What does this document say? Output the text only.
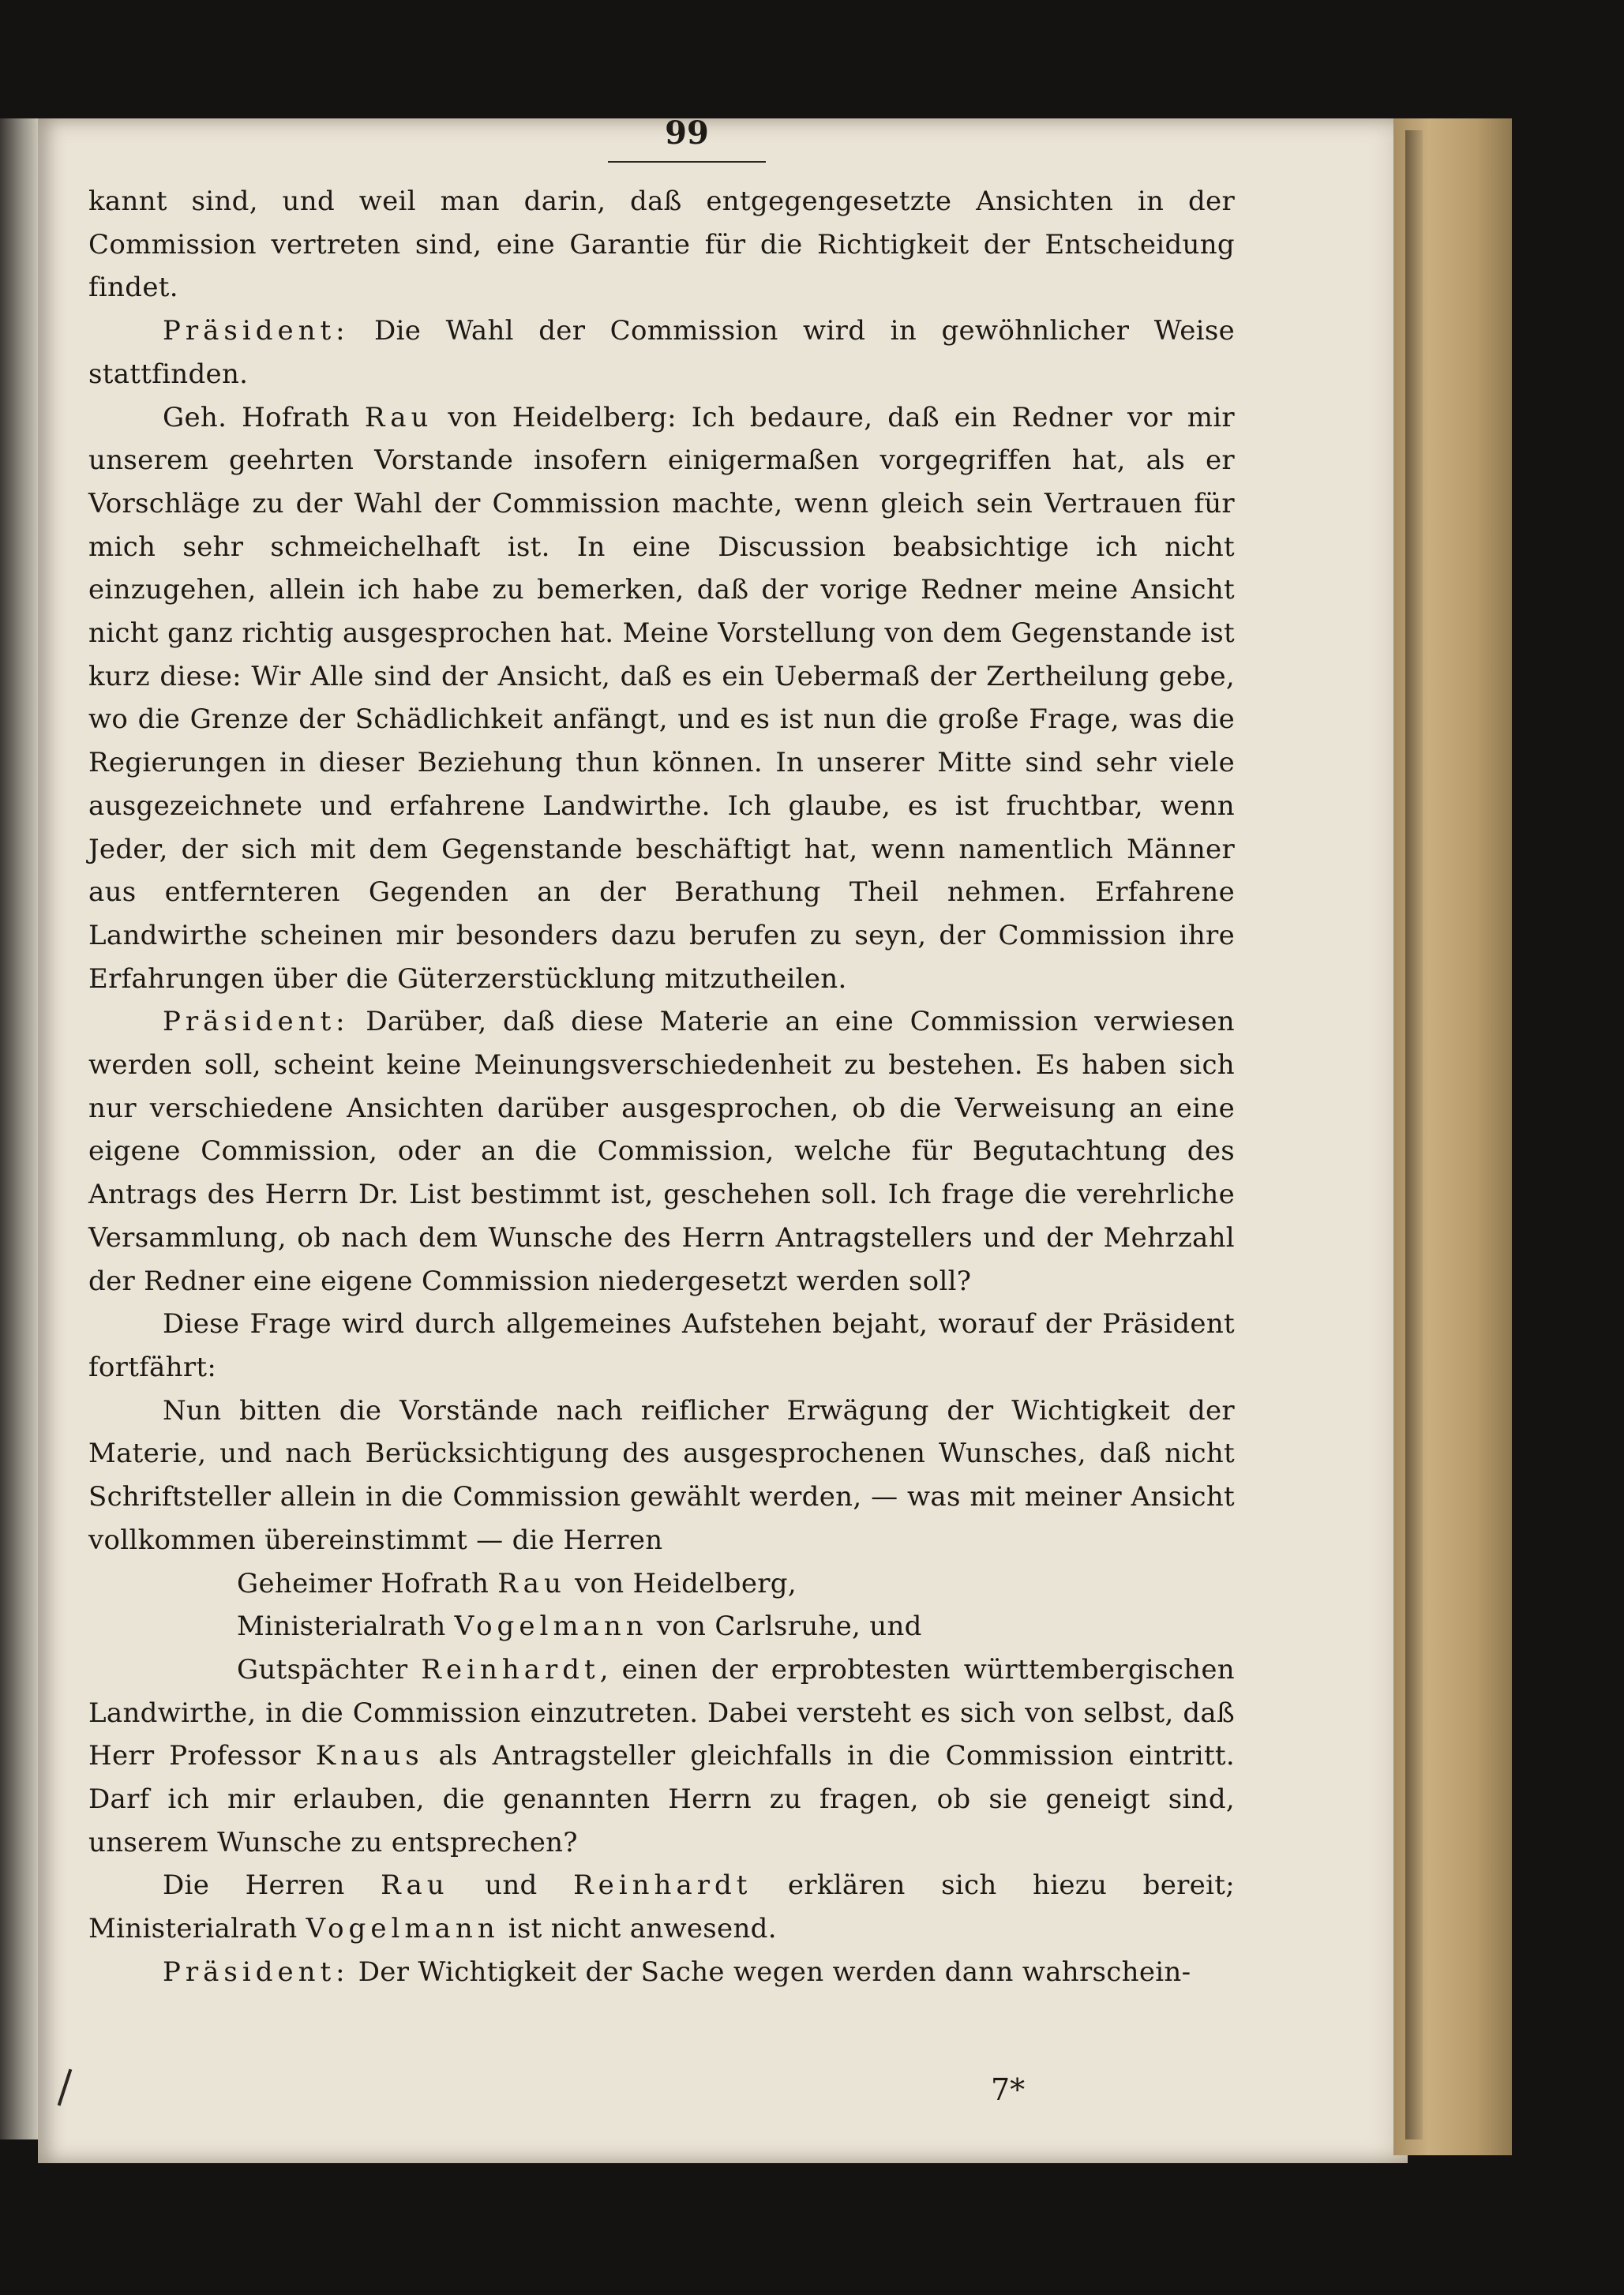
99

kannt sind, und weil man darin, daß entgegengesetzte Ansichten in der Commission vertreten sind, eine Garantie für die Richtigkeit der Entscheidung findet.

Präsident: Die Wahl der Commission wird in gewöhnlicher Weise stattfinden.

Geh. Hofrath Rau von Heidelberg: Ich bedaure, daß ein Redner vor mir unserem geehrten Vorstande insofern einigermaßen vorgegriffen hat, als er Vorschläge zu der Wahl der Commission machte, wenn gleich sein Vertrauen für mich sehr schmeichelhaft ist. In eine Discussion beabsichtige ich nicht einzugehen, allein ich habe zu bemerken, daß der vorige Redner meine Ansicht nicht ganz richtig ausgesprochen hat. Meine Vorstellung von dem Gegenstande ist kurz diese: Wir Alle sind der Ansicht, daß es ein Uebermaß der Zertheilung gebe, wo die Grenze der Schädlichkeit anfängt, und es ist nun die große Frage, was die Regierungen in dieser Beziehung thun können. In unserer Mitte sind sehr viele ausgezeichnete und erfahrene Landwirthe. Ich glaube, es ist fruchtbar, wenn Jeder, der sich mit dem Gegenstande beschäftigt hat, wenn namentlich Männer aus entfernteren Gegenden an der Berathung Theil nehmen. Erfahrene Landwirthe scheinen mir besonders dazu berufen zu seyn, der Commission ihre Erfahrungen über die Güterzerstücklung mitzutheilen.

Präsident: Darüber, daß diese Materie an eine Commission verwiesen werden soll, scheint keine Meinungsverschiedenheit zu bestehen. Es haben sich nur verschiedene Ansichten darüber ausgesprochen, ob die Verweisung an eine eigene Commission, oder an die Commission, welche für Begutachtung des Antrags des Herrn Dr. List bestimmt ist, geschehen soll. Ich frage die verehrliche Versammlung, ob nach dem Wunsche des Herrn Antragstellers und der Mehrzahl der Redner eine eigene Commission niedergesetzt werden soll?

Diese Frage wird durch allgemeines Aufstehen bejaht, worauf der Präsident fortfährt:

Nun bitten die Vorstände nach reiflicher Erwägung der Wichtigkeit der Materie, und nach Berücksichtigung des ausgesprochenen Wunsches, daß nicht Schriftsteller allein in die Commission gewählt werden, — was mit meiner Ansicht vollkommen übereinstimmt — die Herren

Geheimer Hofrath Rau von Heidelberg,

Ministerialrath Vogelmann von Carlsruhe, und

Gutspächter Reinhardt, einen der erprobtesten württembergischen Landwirthe, in die Commission einzutreten. Dabei versteht es sich von selbst, daß Herr Professor Knaus als Antragsteller gleichfalls in die Commission eintritt. Darf ich mir erlauben, die genannten Herrn zu fragen, ob sie geneigt sind, unserem Wunsche zu entsprechen?

Die Herren Rau und Reinhardt erklären sich hiezu bereit; Ministerialrath Vogelmann ist nicht anwesend.

Präsident: Der Wichtigkeit der Sache wegen werden dann wahrschein-

7*
